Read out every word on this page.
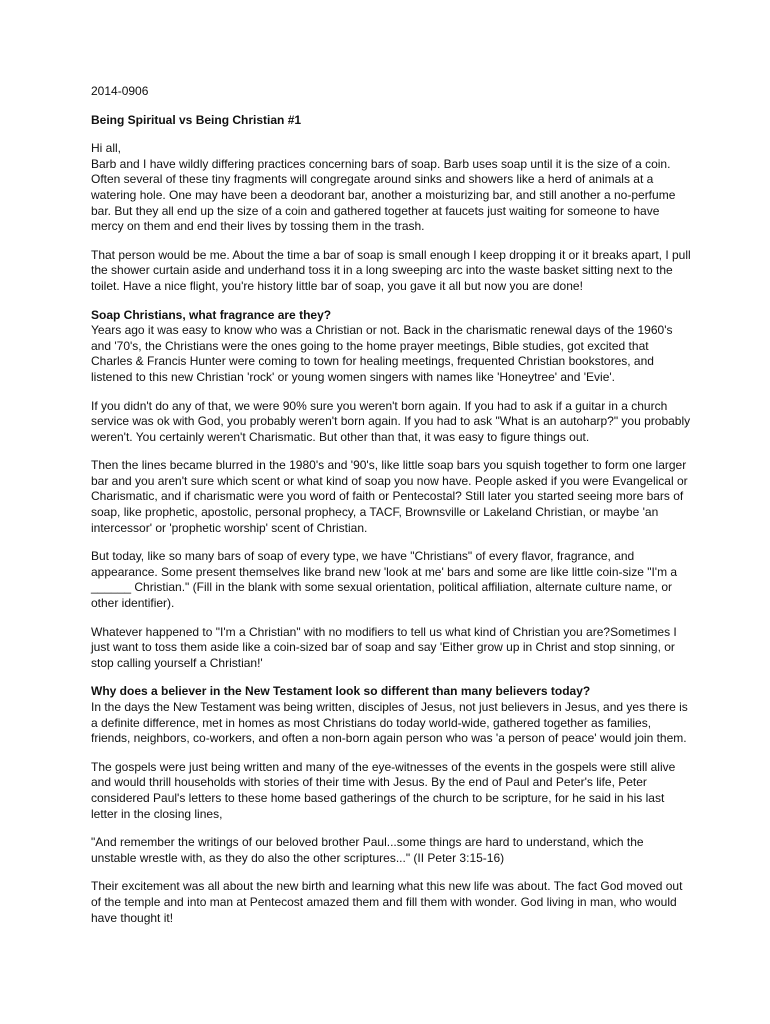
2014-0906

Being Spiritual vs Being Christian #1

Hi all,
Barb and I have wildly differing practices concerning bars of soap. Barb uses soap until it is the size of a coin. Often several of these tiny fragments will congregate around sinks and showers like a herd of animals at a watering hole. One may have been a deodorant bar, another a moisturizing bar, and still another a no-perfume bar. But they all end up the size of a coin and gathered together at faucets just waiting for someone to have mercy on them and end their lives by tossing them in the trash.

That person would be me. About the time a bar of soap is small enough I keep dropping it or it breaks apart, I pull the shower curtain aside and underhand toss it in a long sweeping arc into the waste basket sitting next to the toilet. Have a nice flight, you're history little bar of soap, you gave it all but now you are done!

Soap Christians, what fragrance are they?
Years ago it was easy to know who was a Christian or not. Back in the charismatic renewal days of the 1960's and '70's, the Christians were the ones going to the home prayer meetings, Bible studies, got excited that Charles & Francis Hunter were coming to town for healing meetings, frequented Christian bookstores, and listened to this new Christian 'rock' or young women singers with names like 'Honeytree' and 'Evie'.

If you didn't do any of that, we were 90% sure you weren't born again. If you had to ask if a guitar in a church service was ok with God, you probably weren't born again. If you had to ask "What is an autoharp?" you probably weren't. You certainly weren't Charismatic. But other than that, it was easy to figure things out.

Then the lines became blurred in the 1980's and '90's, like little soap bars you squish together to form one larger bar and you aren't sure which scent or what kind of soap you now have. People asked if you were Evangelical or Charismatic, and if charismatic were you word of faith or Pentecostal? Still later you started seeing more bars of soap, like prophetic, apostolic, personal prophecy, a TACF, Brownsville or Lakeland Christian, or maybe 'an intercessor' or 'prophetic worship' scent of Christian.

But today, like so many bars of soap of every type, we have "Christians" of every flavor, fragrance, and appearance. Some present themselves like brand new 'look at me' bars and some are like little coin-size "I'm a ______ Christian." (Fill in the blank with some sexual orientation, political affiliation, alternate culture name, or other identifier).

Whatever happened to "I'm a Christian" with no modifiers to tell us what kind of Christian you are?Sometimes I just want to toss them aside like a coin-sized bar of soap and say 'Either grow up in Christ and stop sinning, or stop calling yourself a Christian!'

Why does a believer in the New Testament look so different than many believers today?
In the days the New Testament was being written, disciples of Jesus, not just believers in Jesus, and yes there is a definite difference, met in homes as most Christians do today world-wide, gathered together as families, friends, neighbors, co-workers, and often a non-born again person who was 'a person of peace' would join them.

The gospels were just being written and many of the eye-witnesses of the events in the gospels were still alive and would thrill households with stories of their time with Jesus. By the end of Paul and Peter's life, Peter considered Paul's letters to these home based gatherings of the church to be scripture, for he said in his last letter in the closing lines,

"And remember the writings of our beloved brother Paul...some things are hard to understand, which the unstable wrestle with, as they do also the other scriptures..." (II Peter 3:15-16)

Their excitement was all about the new birth and learning what this new life was about. The fact God moved out of the temple and into man at Pentecost amazed them and fill them with wonder. God living in man, who would have thought it!
